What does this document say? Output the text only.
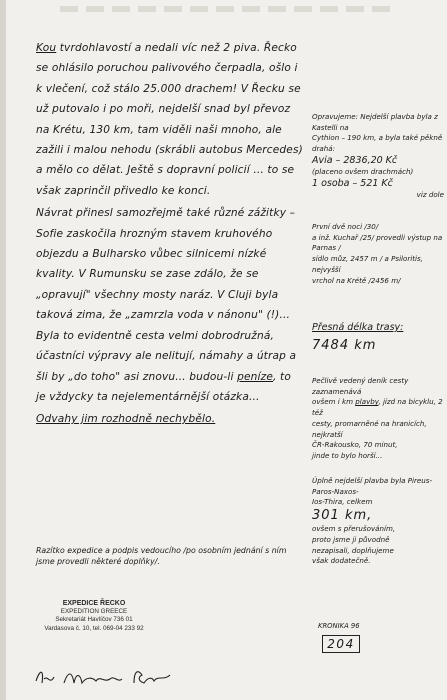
Kou tvrdohlavostí a nedali víc než 2 piva. Řecko se ohlásilo poruchou palivového čerpadla, ošlo i k vlečení, což stálo 25.000 drachem! V Řecku se už putovalo i po moři, nejdelší snad byl převoz na Krétu, 130 km, tam viděli naši mnoho, ale zažili i malou nehodu (skrábli autobus Mercedes) a mělo co dělat. Ještě s dopravní policií ... to se však zaprinčil přivedlo ke konci.

Návrat přinesl samozřejmě také různé zážitky – Sofie zaskočila hrozným stavem kruhového objezdu a Bulharsko vůbec silnicemi nízké kvality. V Rumunsku se zase zdálo, že se „opravují" všechny mosty naráz. V Cluji byla taková zima, že „zamrzla voda v nánonu" (!)... Byla to evidentně cesta velmi dobrodružná, účastníci výpravy ale nelitují, námahy a útrap a šli by „do toho" asi znovu... budou-li peníze, to je vždycky ta nejelementárnější otázka...

Odvahy jim rozhodně nechybělo.

Opravujeme: Nejdelší plavba byla z Kastelli na

Cythion – 190 km, a byla také pěkně drahá:

Avia – 2836,20 Kč

(placeno ovšem drachmách)

1 osoba – 521 Kč

viz dole

První dvě noci /30/

a inž. Kuchař /25/ provedli výstup na Parnas /

sídlo můz, 2457 m / a Psiloritis, nejvyšší

vrchol na Krétě /2456 m/

Přesná délka trasy:

7484 km

Pečlivě vedený deník cesty zaznamenává

ovšem i km plavby, jízd na bicyklu, 2 též

cesty, promarněné na hranicích, nejkratší

ČR-Rakousko, 70 minut,

jinde to bylo horší...

Úplně nejdelší plavba byla Pireus-Paros-Naxos-

Ios-Thira, celkem

301 km,

ovšem s přerušováním,

proto jsme ji původně

nezapisali, doplňujeme

však dodatečně.

KRONIKA 96
204
Razítko expedice a podpis vedoucího /po osobním jednání s ním jsme provedli některé doplňky/.
EXPEDICE ŘECKO
EXPEDITION GREECE
Sekretariát Havlíčov 736 01
Vardasova č. 10, tel. 069-04 233 92
